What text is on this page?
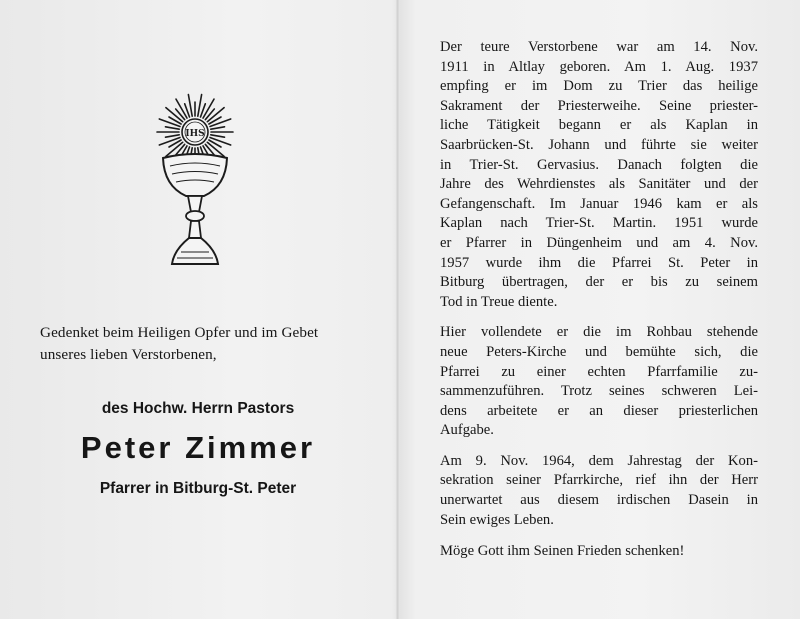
IHS

Gedenket beim Heiligen Opfer und im Gebet

unseres lieben Verstorbenen,

des Hochw. Herrn Pastors
Peter Zimmer
Pfarrer in Bitburg-St. Peter
Der teure Verstorbene war am 14. Nov.
1911 in Altlay geboren. Am 1. Aug. 1937
empfing er im Dom zu Trier das heilige
Sakrament der Priesterweihe. Seine priester-
liche Tätigkeit begann er als Kaplan in
Saarbrücken-St. Johann und führte sie weiter
in Trier-St. Gervasius. Danach folgten die
Jahre des Wehrdienstes als Sanitäter und der
Gefangenschaft. Im Januar 1946 kam er als
Kaplan nach Trier-St. Martin. 1951 wurde
er Pfarrer in Düngenheim und am 4. Nov.
1957 wurde ihm die Pfarrei St. Peter in
Bitburg übertragen, der er bis zu seinem
Tod in Treue diente.
Hier vollendete er die im Rohbau stehende
neue Peters-Kirche und bemühte sich, die
Pfarrei zu einer echten Pfarrfamilie zu-
sammenzuführen. Trotz seines schweren Lei-
dens arbeitete er an dieser priesterlichen
Aufgabe.
Am 9. Nov. 1964, dem Jahrestag der Kon-
sekration seiner Pfarrkirche, rief ihn der Herr
unerwartet aus diesem irdischen Dasein in
Sein ewiges Leben.
Möge Gott ihm Seinen Frieden schenken!
